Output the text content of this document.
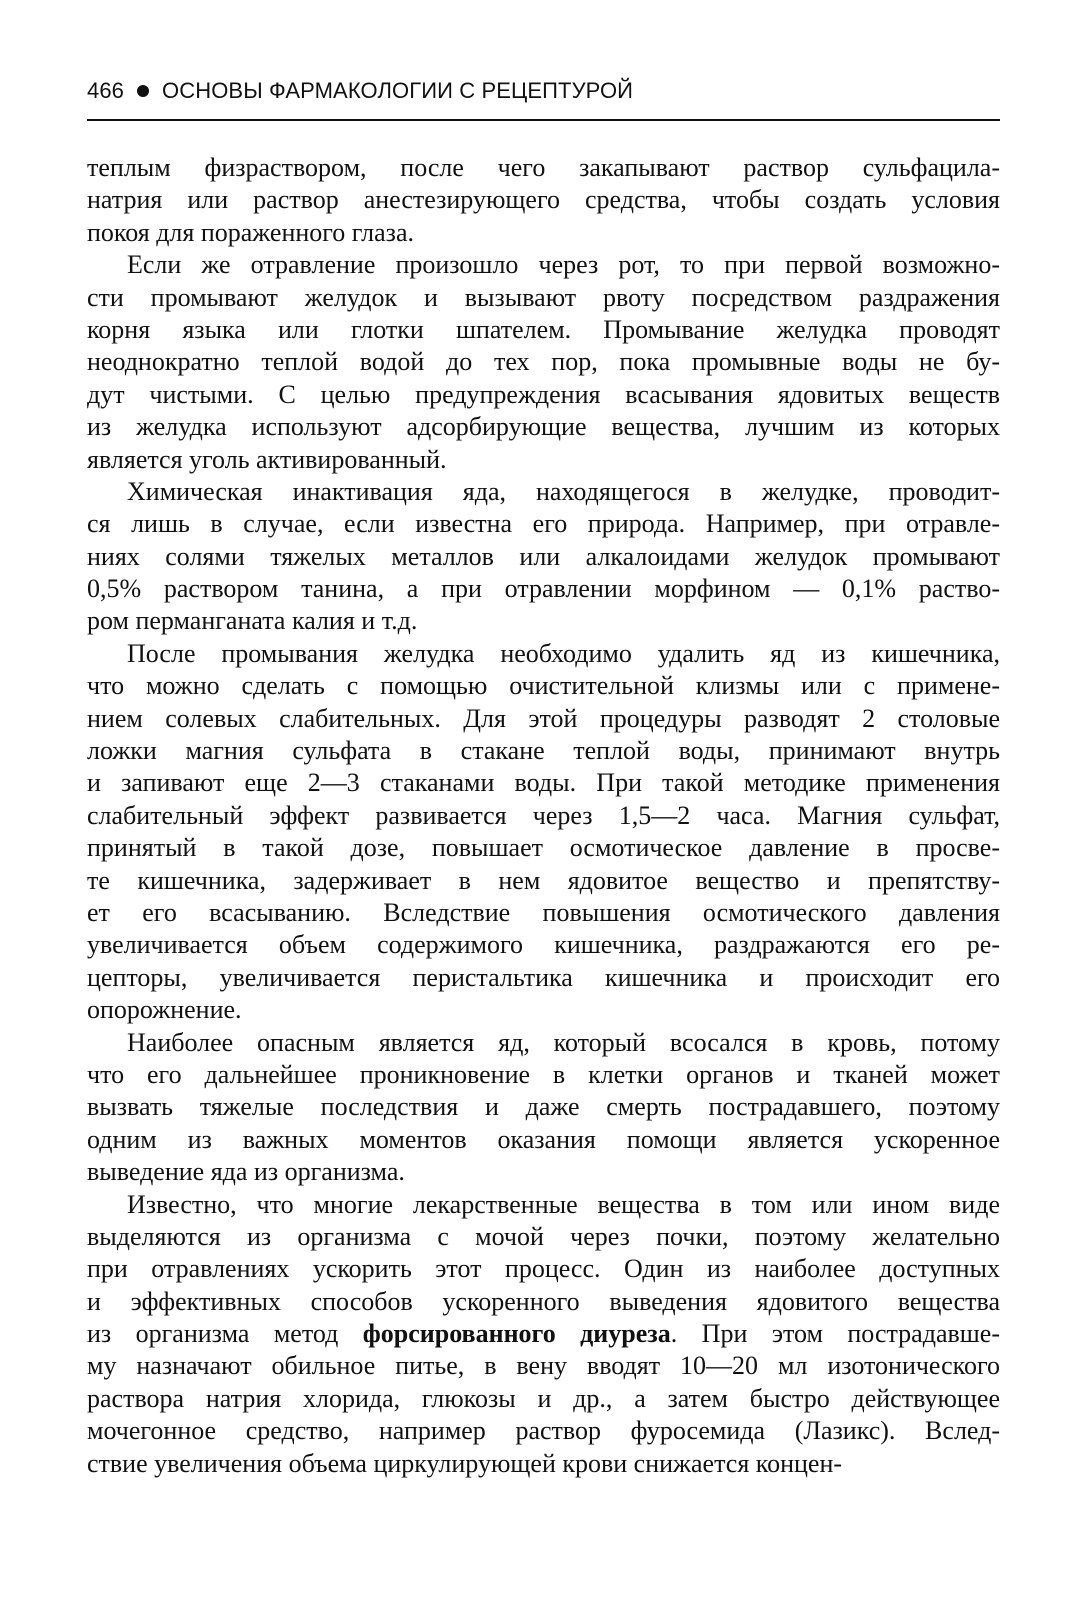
466 ОСНОВЫ ФАРМАКОЛОГИИ С РЕЦЕПТУРОЙ
теплым физраствором, после чего закапывают раствор сульфацила-
натрия или раствор анестезирующего средства, чтобы создать условия
покоя для пораженного глаза.
Если же отравление произошло через рот, то при первой возможно-
сти промывают желудок и вызывают рвоту посредством раздражения
корня языка или глотки шпателем. Промывание желудка проводят
неоднократно теплой водой до тех пор, пока промывные воды не бу-
дут чистыми. С целью предупреждения всасывания ядовитых веществ
из желудка используют адсорбирующие вещества, лучшим из которых
является уголь активированный.
Химическая инактивация яда, находящегося в желудке, проводит-
ся лишь в случае, если известна его природа. Например, при отравле-
ниях солями тяжелых металлов или алкалоидами желудок промывают
0,5% раствором танина, а при отравлении морфином — 0,1% раство-
ром перманганата калия и т.д.
После промывания желудка необходимо удалить яд из кишечника,
что можно сделать с помощью очистительной клизмы или с примене-
нием солевых слабительных. Для этой процедуры разводят 2 столовые
ложки магния сульфата в стакане теплой воды, принимают внутрь
и запивают еще 2—3 стаканами воды. При такой методике применения
слабительный эффект развивается через 1,5—2 часа. Магния сульфат,
принятый в такой дозе, повышает осмотическое давление в просве-
те кишечника, задерживает в нем ядовитое вещество и препятству-
ет его всасыванию. Вследствие повышения осмотического давления
увеличивается объем содержимого кишечника, раздражаются его ре-
цепторы, увеличивается перистальтика кишечника и происходит его
опорожнение.
Наиболее опасным является яд, который всосался в кровь, потому
что его дальнейшее проникновение в клетки органов и тканей может
вызвать тяжелые последствия и даже смерть пострадавшего, поэтому
одним из важных моментов оказания помощи является ускоренное
выведение яда из организма.
Известно, что многие лекарственные вещества в том или ином виде
выделяются из организма с мочой через почки, поэтому желательно
при отравлениях ускорить этот процесс. Один из наиболее доступных
и эффективных способов ускоренного выведения ядовитого вещества
из организма метод форсированного диуреза. При этом пострадавше-
му назначают обильное питье, в вену вводят 10—20 мл изотонического
раствора натрия хлорида, глюкозы и др., а затем быстро действующее
мочегонное средство, например раствор фуросемида (Лазикс). Вслед-
ствие увеличения объема циркулирующей крови снижается концен-
